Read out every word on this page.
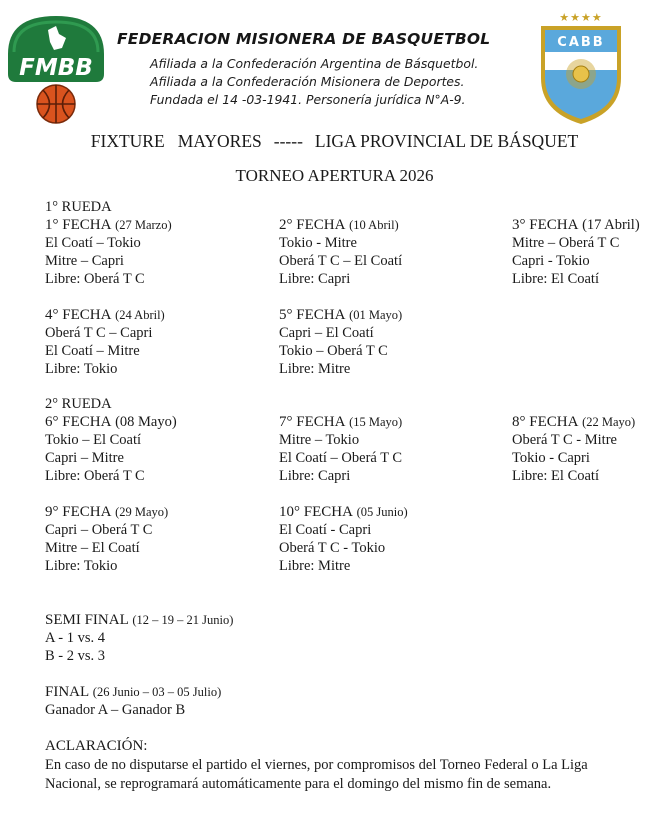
FMBB
FEDERACION MISIONERA DE BASQUETBOL
Afiliada a la Confederación Argentina de Básquetbol.
Afiliada a la Confederación Misionera de Deportes.
Fundada el 14 -03-1941. Personería jurídica N°A-9.
★★★★
CABB
FIXTURE   MAYORES ----- LIGA PROVINCIAL DE BÁSQUET
TORNEO APERTURA 2026
1° RUEDA
1° FECHA (27 Marzo)
El Coatí – Tokio
Mitre – Capri
Libre: Oberá T C
2° FECHA (10 Abril)
Tokio - Mitre
Oberá T C – El Coatí
Libre: Capri
3° FECHA (17 Abril)
Mitre – Oberá T C
Capri - Tokio
Libre: El Coatí
4° FECHA (24 Abril)
Oberá T C – Capri
El Coatí – Mitre
Libre: Tokio
5° FECHA (01 Mayo)
Capri – El Coatí
Tokio – Oberá T C
Libre: Mitre
2° RUEDA
6° FECHA (08 Mayo)
Tokio – El Coatí
Capri – Mitre
Libre: Oberá T C
7° FECHA (15 Mayo)
Mitre – Tokio
El Coatí – Oberá T C
Libre: Capri
8° FECHA (22 Mayo)
Oberá T C - Mitre
Tokio - Capri
Libre: El Coatí
9° FECHA (29 Mayo)
Capri – Oberá T C
Mitre – El Coatí
Libre: Tokio
10° FECHA (05 Junio)
El Coatí - Capri
Oberá T C - Tokio
Libre: Mitre
SEMI FINAL (12 – 19 – 21 Junio)
A - 1 vs. 4
B - 2 vs. 3
FINAL (26 Junio – 03 – 05 Julio)
Ganador A – Ganador B
ACLARACIÓN:
En caso de no disputarse el partido el viernes, por compromisos del Torneo Federal o La Liga Nacional, se reprogramará automáticamente para el domingo del mismo fin de semana.
